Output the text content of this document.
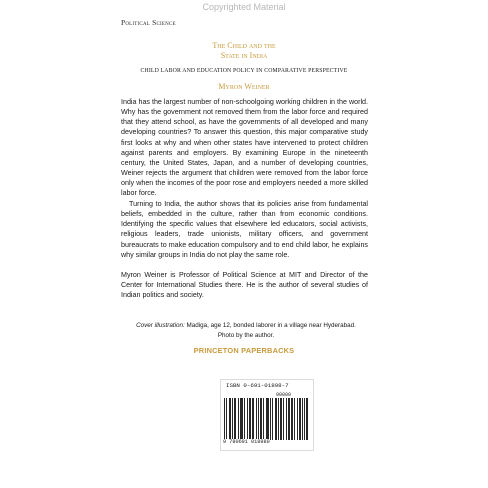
Copyrighted Material
Political Science
The Child and the
State in India
CHILD LABOR AND EDUCATION POLICY IN COMPARATIVE PERSPECTIVE
Myron Weiner

India has the largest number of non-schoolgoing working children in the world. Why has the government not removed them from the labor force and required that they attend school, as have the governments of all developed and many developing countries? To answer this question, this major comparative study first looks at why and when other states have intervened to protect children against parents and employers. By examining Europe in the nineteenth century, the United States, Japan, and a number of developing countries, Weiner rejects the argument that children were removed from the labor force only when the incomes of the poor rose and employers needed a more skilled labor force.

Turning to India, the author shows that its policies arise from fundamental beliefs, embedded in the culture, rather than from economic conditions. Identifying the specific values that elsewhere led educators, social activists, religious leaders, trade unionists, military officers, and government bureaucrats to make education compulsory and to end child labor, he explains why similar groups in India do not play the same role.

Myron Weiner is Professor of Political Science at MIT and Director of the Center for International Studies there. He is the author of several studies of Indian politics and society.

Cover illustration: Madiga, age 12, bonded laborer in a village near Hyderabad. Photo by the author.
PRINCETON PAPERBACKS
ISBN 0-691-01898-7
90000
9 780691 018980
